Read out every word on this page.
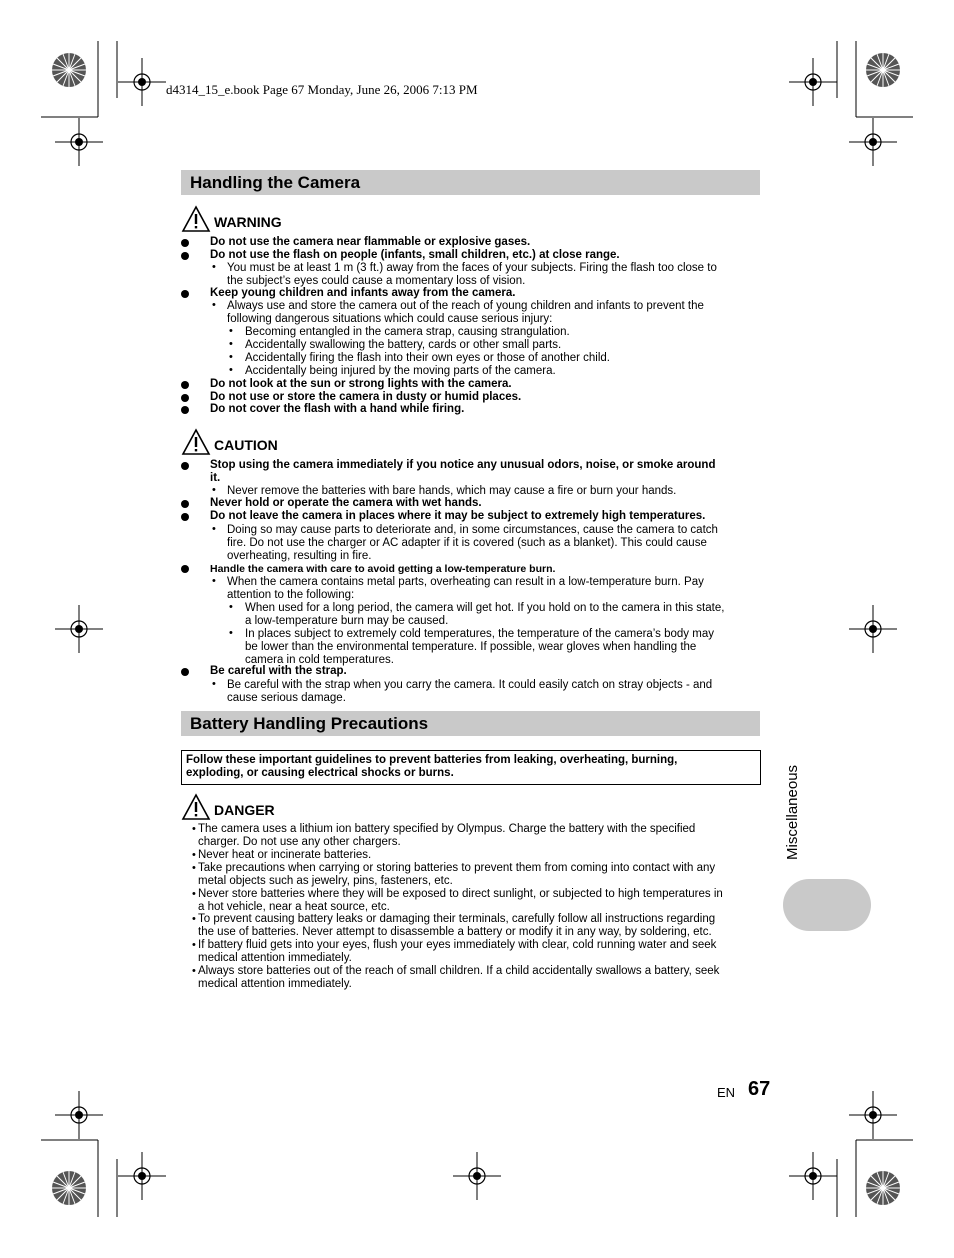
d4314_15_e.book Page 67 Monday, June 26, 2006 7:13 PM
Handling the Camera
WARNING
Do not use the camera near flammable or explosive gases.
Do not use the flash on people (infants, small children, etc.) at close range.
• You must be at least 1 m (3 ft.) away from the faces of your subjects. Firing the flash too close to
the subject’s eyes could cause a momentary loss of vision.
Keep young children and infants away from the camera.
• Always use and store the camera out of the reach of young children and infants to prevent the
following dangerous situations which could cause serious injury:
• Becoming entangled in the camera strap, causing strangulation.
• Accidentally swallowing the battery, cards or other small parts.
• Accidentally firing the flash into their own eyes or those of another child.
• Accidentally being injured by the moving parts of the camera.
Do not look at the sun or strong lights with the camera.
Do not use or store the camera in dusty or humid places.
Do not cover the flash with a hand while firing.
CAUTION
Stop using the camera immediately if you notice any unusual odors, noise, or smoke around
it.
• Never remove the batteries with bare hands, which may cause a fire or burn your hands.
Never hold or operate the camera with wet hands.
Do not leave the camera in places where it may be subject to extremely high temperatures.
• Doing so may cause parts to deteriorate and, in some circumstances, cause the camera to catch
fire. Do not use the charger or AC adapter if it is covered (such as a blanket). This could cause
overheating, resulting in fire.
Handle the camera with care to avoid getting a low-temperature burn.
• When the camera contains metal parts, overheating can result in a low-temperature burn. Pay
attention to the following:
• When used for a long period, the camera will get hot. If you hold on to the camera in this state,
a low-temperature burn may be caused.
• In places subject to extremely cold temperatures, the temperature of the camera’s body may
be lower than the environmental temperature. If possible, wear gloves when handling the
camera in cold temperatures.
Be careful with the strap.
• Be careful with the strap when you carry the camera. It could easily catch on stray objects - and
cause serious damage.
Battery Handling Precautions
Follow these important guidelines to prevent batteries from leaking, overheating, burning,
exploding, or causing electrical shocks or burns.
DANGER
• The camera uses a lithium ion battery specified by Olympus. Charge the battery with the specified
charger. Do not use any other chargers.
• Never heat or incinerate batteries.
• Take precautions when carrying or storing batteries to prevent them from coming into contact with any
metal objects such as jewelry, pins, fasteners, etc.
• Never store batteries where they will be exposed to direct sunlight, or subjected to high temperatures in
a hot vehicle, near a heat source, etc.
• To prevent causing battery leaks or damaging their terminals, carefully follow all instructions regarding
the use of batteries. Never attempt to disassemble a battery or modify it in any way, by soldering, etc.
• If battery fluid gets into your eyes, flush your eyes immediately with clear, cold running water and seek
medical attention immediately.
• Always store batteries out of the reach of small children. If a child accidentally swallows a battery, seek
medical attention immediately.
Miscellaneous
EN 67
